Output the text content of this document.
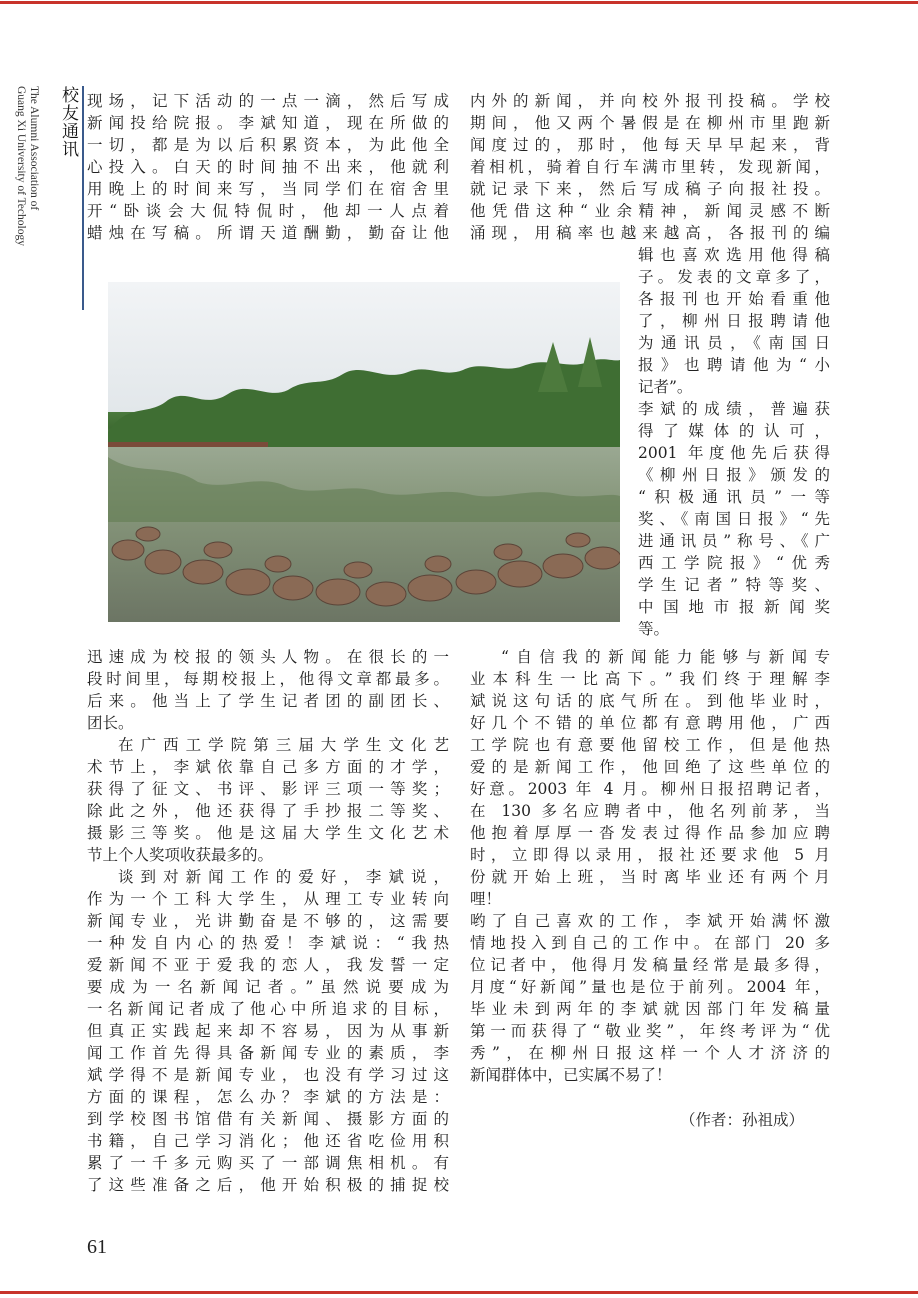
校友通讯
The Alumni Association of
Guang Xi University of Techology	现场，记下活动的一点一滴，然后写成

新闻投给院报。李斌知道，现在所做的

一切，都是为以后积累资本，为此他全

心投入。白天的时间抽不出来，他就利

用晚上的时间来写，当同学们在宿舍里

开“卧谈会大侃特侃时，他却一人点着

蜡烛在写稿。所谓天道酬勤，勤奋让他

内外的新闻，并向校外报刊投稿。学校

期间，他又两个暑假是在柳州市里跑新

闻度过的，那时，他每天早早起来，背

着相机，骑着自行车满市里转，发现新闻，

就记录下来，然后写成稿子向报社投。

他凭借这种“业余精神，新闻灵感不断

涌现，用稿率也越来越高，各报刊的编

辑也喜欢选用他得稿

子。发表的文章多了，

各报刊也开始看重他

了，柳州日报聘请他

为通讯员，《南国日

报》也聘请他为“小

记者”。

李斌的成绩，普遍获

得了媒体的认可，

2001 年度他先后获得

《柳州日报》颁发的

“积极通讯员”一等

奖、《南国日报》“先

进通讯员”称号、《广

西工学院报》“优秀

学生记者”特等奖、

中国地市报新闻奖

等。

迅速成为校报的领头人物。在很长的一

段时间里，每期校报上，他得文章都最多。

后来。他当上了学生记者团的副团长、

团长。

在广西工学院第三届大学生文化艺

术节上，李斌依靠自己多方面的才学，

获得了征文、书评、影评三项一等奖；

除此之外，他还获得了手抄报二等奖、

摄影三等奖。他是这届大学生文化艺术

节上个人奖项收获最多的。

谈到对新闻工作的爱好，李斌说，

作为一个工科大学生，从理工专业转向

新闻专业，光讲勤奋是不够的，这需要

一种发自内心的热爱！李斌说：“我热

爱新闻不亚于爱我的恋人，我发誓一定

要成为一名新闻记者。”虽然说要成为

一名新闻记者成了他心中所追求的目标，

但真正实践起来却不容易，因为从事新

闻工作首先得具备新闻专业的素质，李

斌学得不是新闻专业，也没有学习过这

方面的课程，怎么办？李斌的方法是：

到学校图书馆借有关新闻、摄影方面的

书籍，自己学习消化；他还省吃俭用积

累了一千多元购买了一部调焦相机。有

了这些准备之后，他开始积极的捕捉校

“自信我的新闻能力能够与新闻专

业本科生一比高下。”我们终于理解李

斌说这句话的底气所在。到他毕业时，

好几个不错的单位都有意聘用他，广西

工学院也有意要他留校工作，但是他热

爱的是新闻工作，他回绝了这些单位的

好意。2003 年 4 月。柳州日报招聘记者，

在 130 多名应聘者中，他名列前茅，当

他抱着厚厚一沓发表过得作品参加应聘

时，立即得以录用，报社还要求他 5 月

份就开始上班，当时离毕业还有两个月

哩！

哟了自己喜欢的工作，李斌开始满怀激

情地投入到自己的工作中。在部门 20 多

位记者中，他得月发稿量经常是最多得，

月度“好新闻”量也是位于前列。2004 年，

毕业未到两年的李斌就因部门年发稿量

第一而获得了“敬业奖”，年终考评为“优

秀”，在柳州日报这样一个人才济济的

新闻群体中，已实属不易了！

（作者：孙祖成）
61
